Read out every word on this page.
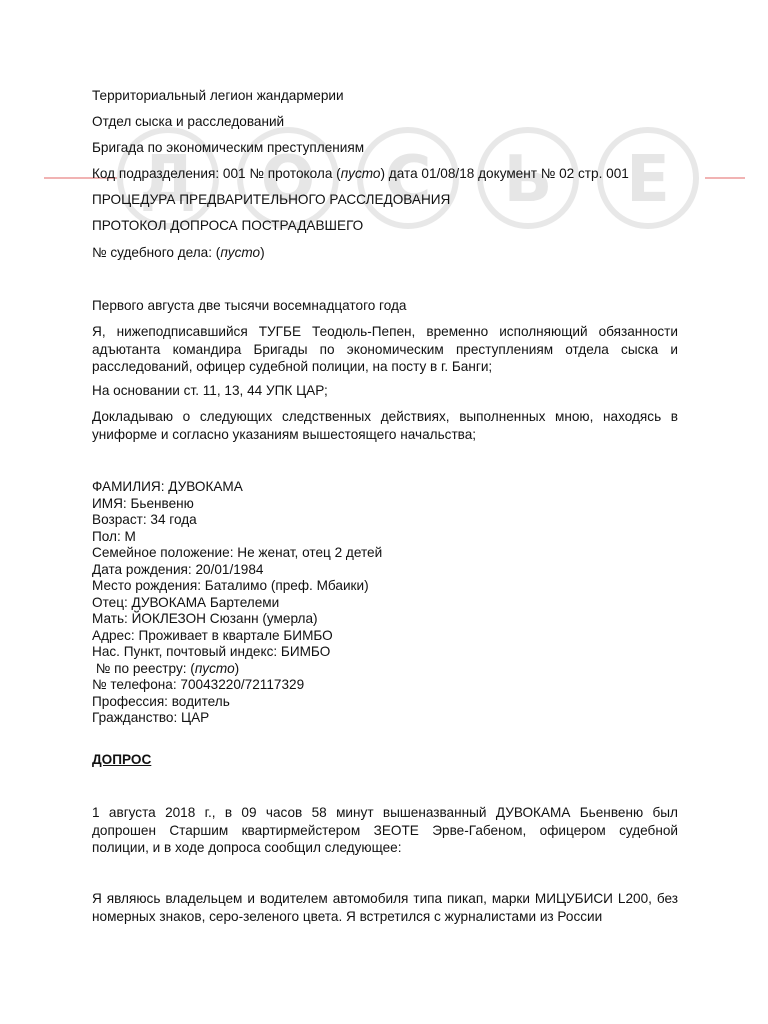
Д О С Ь Е
Территориальный легион жандармерии
Отдел сыска и расследований
Бригада по экономическим преступлениям
Код подразделения: 001 № протокола (пусто) дата 01/08/18 документ № 02 стр. 001
ПРОЦЕДУРА ПРЕДВАРИТЕЛЬНОГО РАССЛЕДОВАНИЯ
ПРОТОКОЛ ДОПРОСА ПОСТРАДАВШЕГО
№ судебного дела: (пусто)
Первого августа две тысячи восемнадцатого года
Я, нижеподписавшийся ТУГБЕ Теодюль-Пепен, временно исполняющий обязанности адъютанта командира Бригады по экономическим преступлениям отдела сыска и расследований, офицер судебной полиции, на посту в г. Банги;
На основании ст. 11, 13, 44 УПК ЦАР;
Докладываю о следующих следственных действиях, выполненных мною, находясь в униформе и согласно указаниям вышестоящего начальства;
ФАМИЛИЯ: ДУВОКАМА
ИМЯ: Бьенвеню
Возраст: 34 года
Пол: М
Семейное положение: Не женат, отец 2 детей
Дата рождения: 20/01/1984
Место рождения: Баталимо (преф. Мбаики)
Отец: ДУВОКАМА Бартелеми
Мать: ЙОКЛЕЗОН Сюзанн (умерла)
Адрес: Проживает в квартале БИМБО
Нас. Пункт, почтовый индекс: БИМБО
№ по реестру: (пусто)
№ телефона: 70043220/72117329
Профессия: водитель
Гражданство: ЦАР
ДОПРОС
1 августа 2018 г., в 09 часов 58 минут вышеназванный ДУВОКАМА Бьенвеню был допрошен Старшим квартирмейстером ЗЕОТЕ Эрве-Габеном, офицером судебной полиции, и в ходе допроса сообщил следующее:
Я являюсь владельцем и водителем автомобиля типа пикап, марки МИЦУБИСИ L200, без номерных знаков, серо-зеленого цвета. Я встретился с журналистами из России
